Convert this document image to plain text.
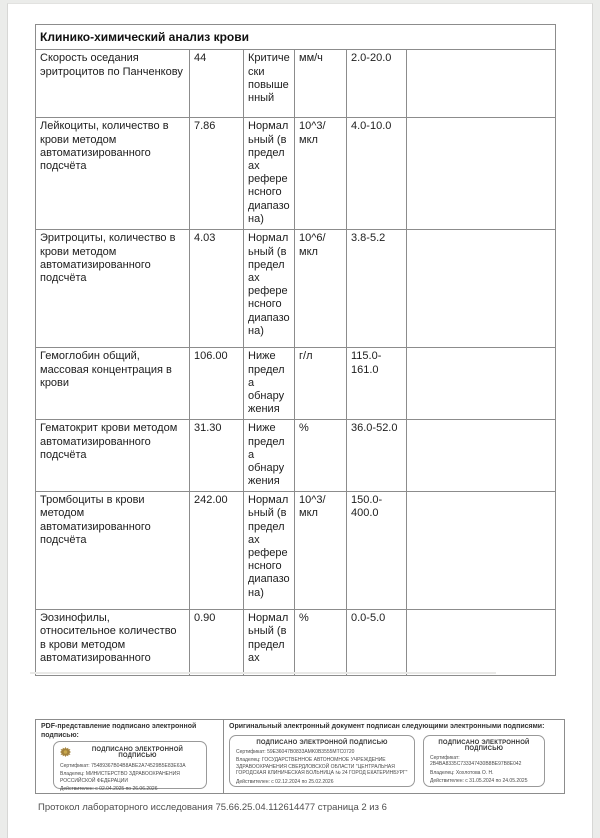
Клинико-химический анализ крови					
Скорость оседания эритроцитов по Панченкову	44	Критически повышенный	мм/ч	2.0-20.0	
Лейкоциты, количество в крови методом автоматизированного подсчёта	7.86	Нормальный (в пределах референсного диапазона)	10^3/мкл	4.0-10.0	
Эритроциты, количество в крови методом автоматизированного подсчёта	4.03	Нормальный (в пределах референсного диапазона)	10^6/мкл	3.8-5.2	
Гемоглобин общий, массовая концентрация в крови	106.00	Ниже предела обнаружения	г/л	115.0-161.0	
Гематокрит крови методом автоматизированного подсчёта	31.30	Ниже предела обнаружения	%	36.0-52.0	
Тромбоциты в крови методом автоматизированного подсчёта	242.00	Нормальный (в пределах референсного диапазона)	10^3/мкл	150.0-400.0	
Эозинофилы, относительное количество в крови методом автоматизированного	0.90	Нормальный (в пределах	%	0.0-5.0	
PDF-представление подписано электронной подписью:
ПОДПИСАНО ЭЛЕКТРОННОЙ ПОДПИСЬЮ
Сертификат: 75489367B04B8ABE2A74529B5E83E63A
Владелец: МИНИСТЕРСТВО ЗДРАВООХРАНЕНИЯ РОССИЙСКОЙ ФЕДЕРАЦИИ
Действителен: с 02.04.2025 по 26.06.2026
Оригинальный электронный документ подписан следующими электронными подписями:
ПОДПИСАНО ЭЛЕКТРОННОЙ ПОДПИСЬЮ
Сертификат: 59E36047B0833AMK0B3555MTC0720
Владелец: ГОСУДАРСТВЕННОЕ АВТОНОМНОЕ УЧРЕЖДЕНИЕ ЗДРАВООХРАНЕНИЯ СВЕРДЛОВСКОЙ ОБЛАСТИ "ЦЕНТРАЛЬНАЯ ГОРОДСКАЯ КЛИНИЧЕСКАЯ БОЛЬНИЦА № 24 ГОРОД ЕКАТЕРИНБУРГ"
Действителен: с 02.12.2024 по 25.02.2026
ПОДПИСАНО ЭЛЕКТРОННОЙ ПОДПИСЬЮ
Сертификат: 2B4BA8335C733347430B8BE97B8E042
Владелец: Хохлотова О. Н.
Действителен: с 31.05.2024 по 24.05.2025
Протокол лабораторного исследования 75.66.25.04.112614477 страница 2 из 6
